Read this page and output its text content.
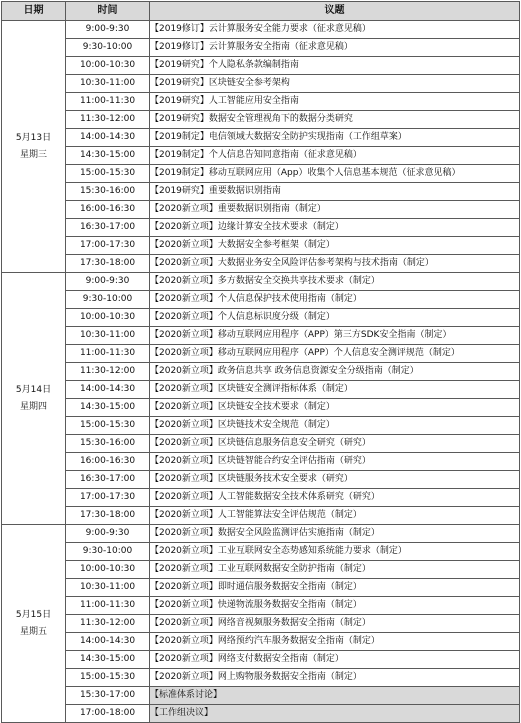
日期	时间	议题

5月13日
星期三	9:00-9:30	【2019修订】云计算服务安全能力要求（征求意见稿）
	9:30-10:00	【2019修订】云计算服务安全指南（征求意见稿）
	10:00-10:30	【2019研究】个人隐私条款编制指南
	10:30-11:00	【2019研究】区块链安全参考架构
	11:00-11:30	【2019研究】人工智能应用安全指南
	11:30-12:00	【2019研究】数据安全管理视角下的数据分类研究
	14:00-14:30	【2019制定】电信领域大数据安全防护实现指南（工作组草案）
	14:30-15:00	【2019制定】个人信息告知同意指南（征求意见稿）
	15:00-15:30	【2019制定】移动互联网应用（App）收集个人信息基本规范（征求意见稿）
	15:30-16:00	【2019研究】重要数据识别指南
	16:00-16:30	【2020新立项】重要数据识别指南（制定）
	16:30-17:00	【2020新立项】边缘计算安全技术要求（制定）
	17:00-17:30	【2020新立项】大数据安全参考框架（制定）
	17:30-18:00	【2020新立项】大数据业务安全风险评估参考架构与技术指南（制定）

5月14日
星期四	9:00-9:30	【2020新立项】多方数据安全交换共享技术要求（制定）
	9:30-10:00	【2020新立项】个人信息保护技术使用指南（制定）
	10:00-10:30	【2020新立项】个人信息标识度分级（制定）
	10:30-11:00	【2020新立项】移动互联网应用程序（APP）第三方SDK安全指南（制定）
	11:00-11:30	【2020新立项】移动互联网应用程序（APP）个人信息安全测评规范（制定）
	11:30-12:00	【2020新立项】政务信息共享 政务信息资源安全分级指南（制定）
	14:00-14:30	【2020新立项】区块链安全测评指标体系（制定）
	14:30-15:00	【2020新立项】区块链安全技术要求（制定）
	15:00-15:30	【2020新立项】区块链技术安全规范（制定）
	15:30-16:00	【2020新立项】区块链信息服务信息安全研究（研究）
	16:00-16:30	【2020新立项】区块链智能合约安全评估指南（研究）
	16:30-17:00	【2020新立项】区块链服务技术安全要求（研究）
	17:00-17:30	【2020新立项】人工智能数据安全技术体系研究（研究）
	17:30-18:00	【2020新立项】人工智能算法安全评估规范（制定）

5月15日
星期五	9:00-9:30	【2020新立项】数据安全风险监测评估实施指南（制定）
	9:30-10:00	【2020新立项】工业互联网安全态势感知系统能力要求（制定）
	10:00-10:30	【2020新立项】工业互联网数据安全防护指南（制定）
	10:30-11:00	【2020新立项】即时通信服务数据安全指南（制定）
	11:00-11:30	【2020新立项】快递物流服务数据安全指南（制定）
	11:30-12:00	【2020新立项】网络音视频服务数据安全指南（制定）
	14:00-14:30	【2020新立项】网络预约汽车服务数据安全指南（制定）
	14:30-15:00	【2020新立项】网络支付数据安全指南（制定）
	15:00-15:30	【2020新立项】网上购物服务数据安全指南（制定）
	15:30-17:00	【标准体系讨论】
	17:00-18:00	【工作组决议】
